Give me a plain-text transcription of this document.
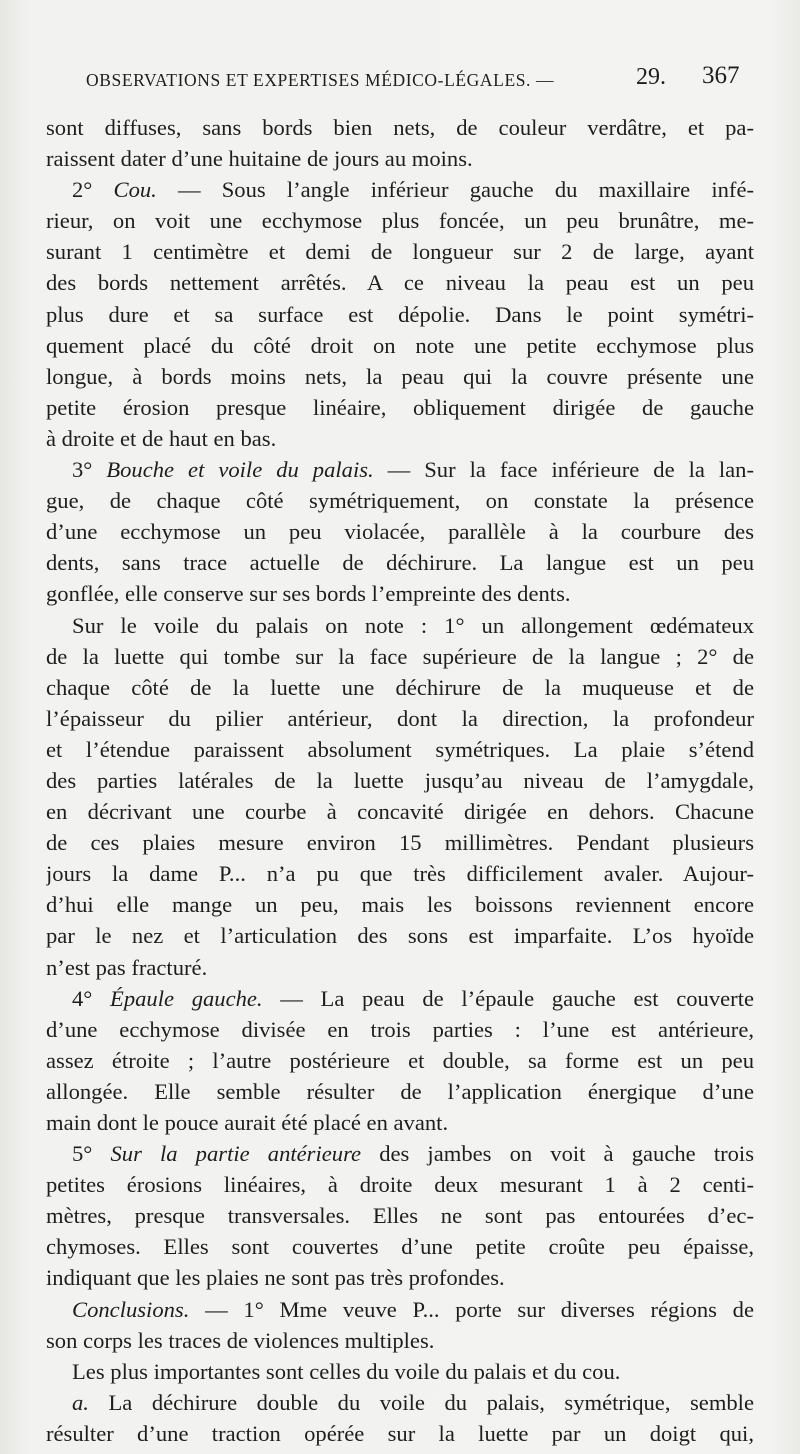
OBSERVATIONS ET EXPERTISES MÉDICO-LÉGALES. —	29. 367
sont diffuses, sans bords bien nets, de couleur verdâtre, et pa-
raissent dater d’une huitaine de jours au moins.
2° Cou. — Sous l’angle inférieur gauche du maxillaire infé-
rieur, on voit une ecchymose plus foncée, un peu brunâtre, me-
surant 1 centimètre et demi de longueur sur 2 de large, ayant
des bords nettement arrêtés. A ce niveau la peau est un peu
plus dure et sa surface est dépolie. Dans le point symétri-
quement placé du côté droit on note une petite ecchymose plus
longue, à bords moins nets, la peau qui la couvre présente une
petite érosion presque linéaire, obliquement dirigée de gauche
à droite et de haut en bas.
3° Bouche et voile du palais. — Sur la face inférieure de la lan-
gue, de chaque côté symétriquement, on constate la présence
d’une ecchymose un peu violacée, parallèle à la courbure des
dents, sans trace actuelle de déchirure. La langue est un peu
gonflée, elle conserve sur ses bords l’empreinte des dents.
Sur le voile du palais on note : 1° un allongement œdémateux
de la luette qui tombe sur la face supérieure de la langue ; 2° de
chaque côté de la luette une déchirure de la muqueuse et de
l’épaisseur du pilier antérieur, dont la direction, la profondeur
et l’étendue paraissent absolument symétriques. La plaie s’étend
des parties latérales de la luette jusqu’au niveau de l’amygdale,
en décrivant une courbe à concavité dirigée en dehors. Chacune
de ces plaies mesure environ 15 millimètres. Pendant plusieurs
jours la dame P... n’a pu que très difficilement avaler. Aujour-
d’hui elle mange un peu, mais les boissons reviennent encore
par le nez et l’articulation des sons est imparfaite. L’os hyoïde
n’est pas fracturé.
4° Épaule gauche. — La peau de l’épaule gauche est couverte
d’une ecchymose divisée en trois parties : l’une est antérieure,
assez étroite ; l’autre postérieure et double, sa forme est un peu
allongée. Elle semble résulter de l’application énergique d’une
main dont le pouce aurait été placé en avant.
5° Sur la partie antérieure des jambes on voit à gauche trois
petites érosions linéaires, à droite deux mesurant 1 à 2 centi-
mètres, presque transversales. Elles ne sont pas entourées d’ec-
chymoses. Elles sont couvertes d’une petite croûte peu épaisse,
indiquant que les plaies ne sont pas très profondes.
Conclusions. — 1° Mme veuve P... porte sur diverses régions de
son corps les traces de violences multiples.
Les plus importantes sont celles du voile du palais et du cou.
a. La déchirure double du voile du palais, symétrique, semble
résulter d’une traction opérée sur la luette par un doigt qui,
